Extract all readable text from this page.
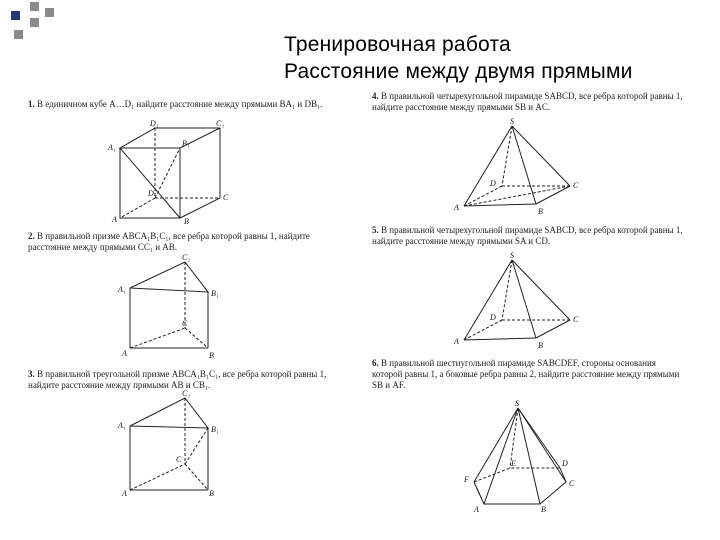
Тренировочная работа
Расстояние между двумя прямыми
1. В единичном кубе A…D₁ найдите расстояние между прямыми BA₁ и DB₁.
D₁	C₁
A₁	B₁
D	C
A	B
2. В правильной призме ABCA₁B₁C₁, все ребра которой равны 1, найдите расстояние между прямыми CC₁ и AB.
C₁
A₁	B₁
C
A	B
3. В правильной треугольной призме ABCA₁B₁C₁, все ребра которой равны 1, найдите расстояние между прямыми AB и CB₁.
C₁
A₁	B₁
C
A	B
4. В правильной четырехугольной пирамиде SABCD, все ребра которой равны 1, найдите расстояние между прямыми SB и AC.
S
D	C
A	B
5. В правильной четырехугольной пирамиде SABCD, все ребра которой равны 1, найдите расстояние между прямыми SA и CD.
S
D	C
A	B
6. В правильной шестиугольной пирамиде SABCDEF, стороны основания которой равны 1, а боковые ребра равны 2, найдите расстояние между прямыми SB и AF.
S
E	D
F	C
A	B
